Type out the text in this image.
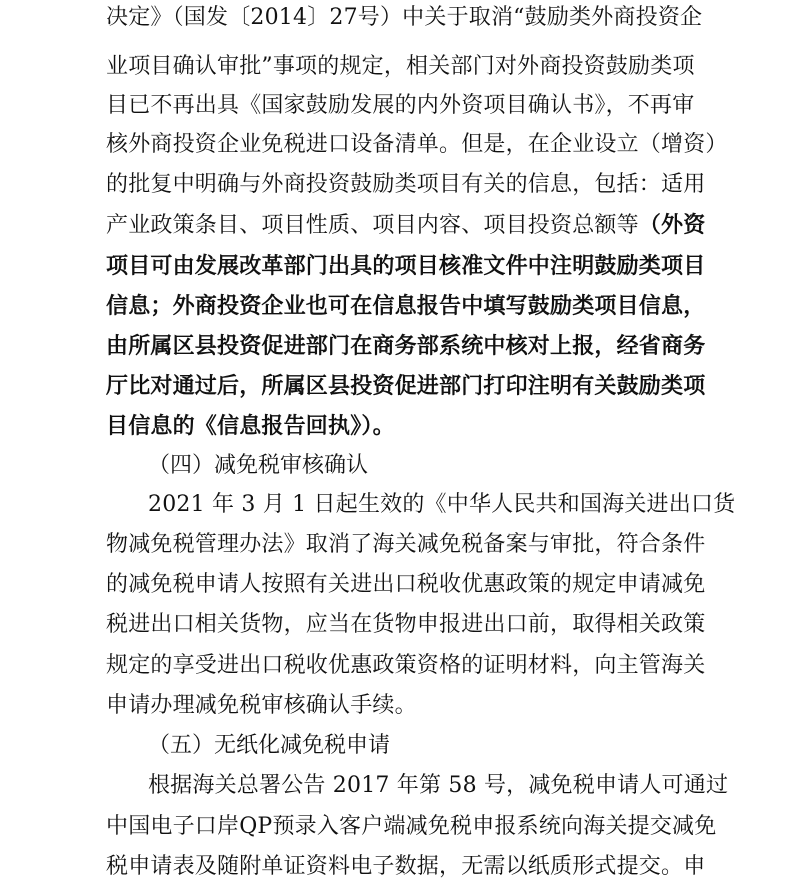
决定》（国发〔2014〕27号）中关于取消“鼓励类外商投资企
业项目确认审批”事项的规定，相关部门对外商投资鼓励类项
目已不再出具《国家鼓励发展的内外资项目确认书》，不再审
核外商投资企业免税进口设备清单。但是，在企业设立（增资）
的批复中明确与外商投资鼓励类项目有关的信息，包括：适用
产业政策条目、项目性质、项目内容、项目投资总额等（外资
项目可由发展改革部门出具的项目核准文件中注明鼓励类项目
信息；外商投资企业也可在信息报告中填写鼓励类项目信息，
由所属区县投资促进部门在商务部系统中核对上报，经省商务
厅比对通过后，所属区县投资促进部门打印注明有关鼓励类项
目信息的《信息报告回执》）。
（四）减免税审核确认
2021 年 3 月 1 日起生效的《中华人民共和国海关进出口货
物减免税管理办法》取消了海关减免税备案与审批，符合条件
的减免税申请人按照有关进出口税收优惠政策的规定申请减免
税进出口相关货物，应当在货物申报进出口前，取得相关政策
规定的享受进出口税收优惠政策资格的证明材料，向主管海关
申请办理减免税审核确认手续。
（五）无纸化减免税申请
根据海关总署公告 2017 年第 58 号，减免税申请人可通过
中国电子口岸QP预录入客户端减免税申报系统向海关提交减免
税申请表及随附单证资料电子数据，无需以纸质形式提交。申
